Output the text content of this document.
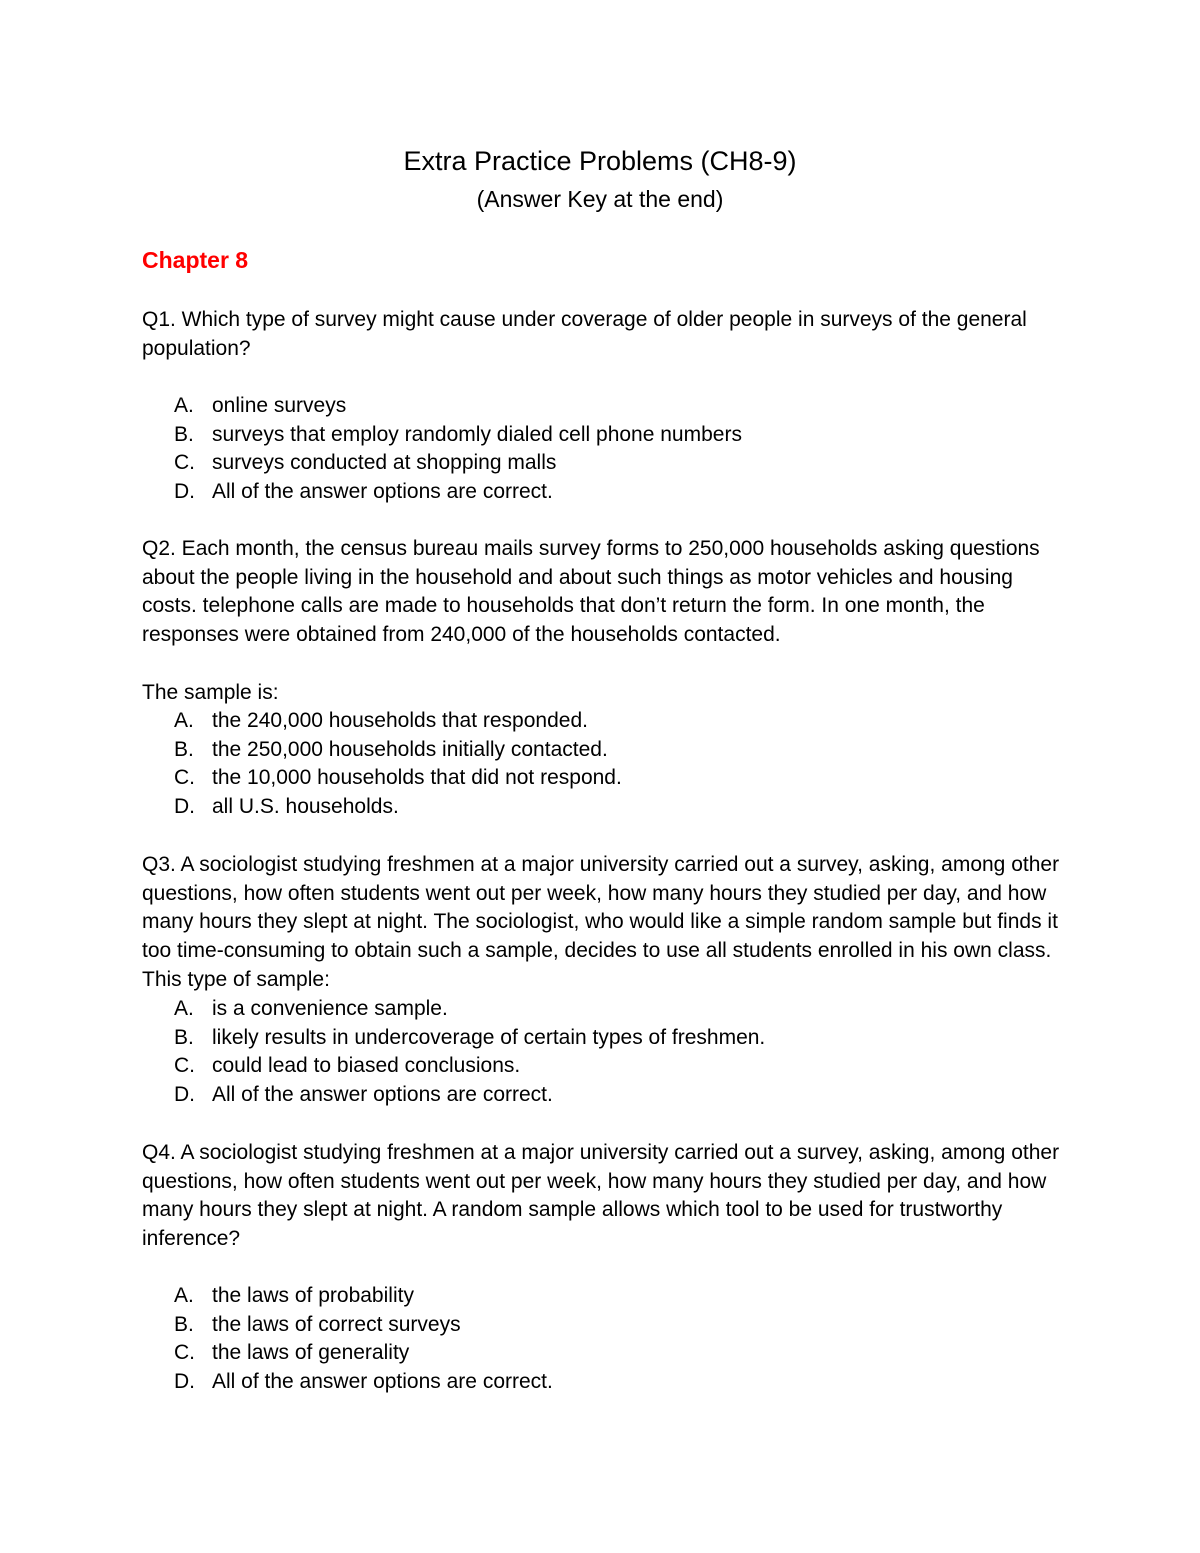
Extra Practice Problems (CH8-9)
(Answer Key at the end)
Chapter 8

Q1. Which type of survey might cause under coverage of older people in surveys of the general population?

A. online surveys
B. surveys that employ randomly dialed cell phone numbers
C. surveys conducted at shopping malls
D. All of the answer options are correct.

Q2. Each month, the census bureau mails survey forms to 250,000 households asking questions about the people living in the household and about such things as motor vehicles and housing costs. telephone calls are made to households that don’t return the form. In one month, the responses were obtained from 240,000 of the households contacted.

The sample is:

A. the 240,000 households that responded.
B. the 250,000 households initially contacted.
C. the 10,000 households that did not respond.
D. all U.S. households.

Q3. A sociologist studying freshmen at a major university carried out a survey, asking, among other questions, how often students went out per week, how many hours they studied per day, and how many hours they slept at night. The sociologist, who would like a simple random sample but finds it too time-consuming to obtain such a sample, decides to use all students enrolled in his own class. This type of sample:

A. is a convenience sample.
B. likely results in undercoverage of certain types of freshmen.
C. could lead to biased conclusions.
D. All of the answer options are correct.

Q4. A sociologist studying freshmen at a major university carried out a survey, asking, among other questions, how often students went out per week, how many hours they studied per day, and how many hours they slept at night. A random sample allows which tool to be used for trustworthy inference?

A. the laws of probability
B. the laws of correct surveys
C. the laws of generality
D. All of the answer options are correct.
